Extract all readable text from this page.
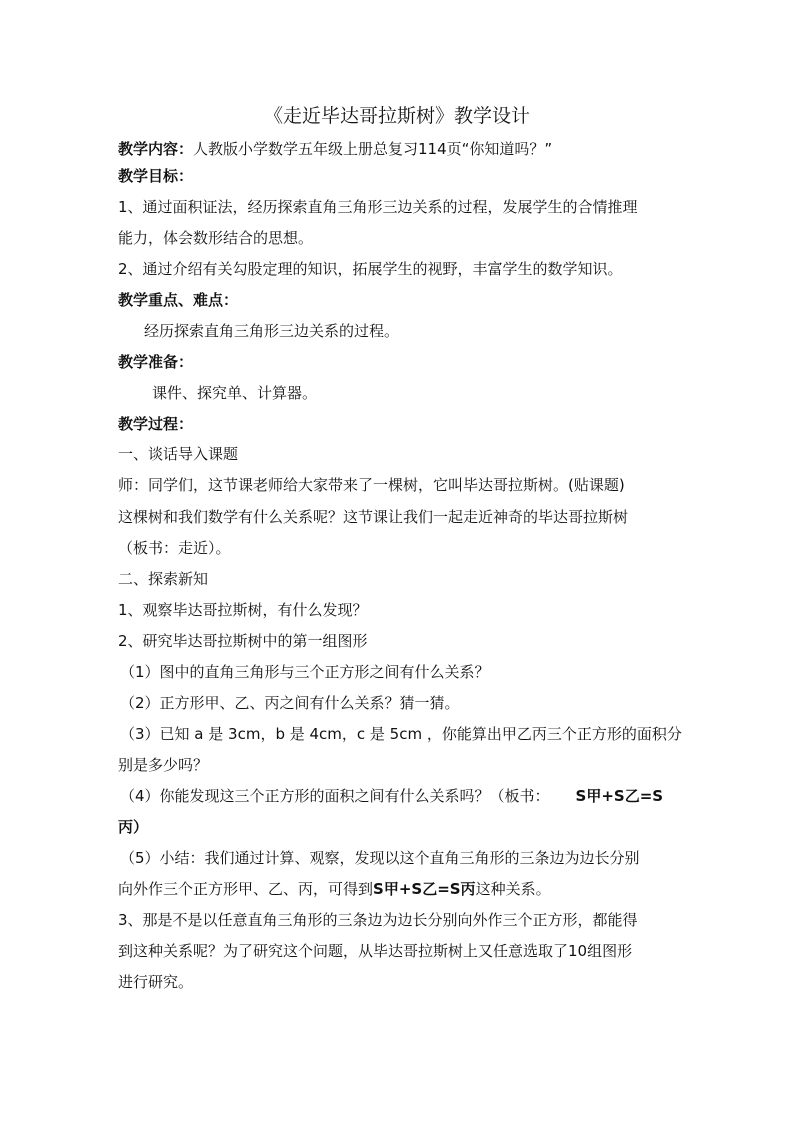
《走近毕达哥拉斯树》教学设计
教学内容：人教版小学数学五年级上册总复习114页“你知道吗？”
教学目标：
1、通过面积证法，经历探索直角三角形三边关系的过程，发展学生的合情推理
能力，体会数形结合的思想。
2、通过介绍有关勾股定理的知识，拓展学生的视野，丰富学生的数学知识。
教学重点、难点：
经历探索直角三角形三边关系的过程。
教学准备：
课件、探究单、计算器。
教学过程：
一、谈话导入课题
师：同学们，这节课老师给大家带来了一棵树，它叫毕达哥拉斯树。(贴课题)
这棵树和我们数学有什么关系呢？这节课让我们一起走近神奇的毕达哥拉斯树
（板书：走近）。
二、探索新知
1、观察毕达哥拉斯树，有什么发现？
2、研究毕达哥拉斯树中的第一组图形
（1）图中的直角三角形与三个正方形之间有什么关系？
（2）正方形甲、乙、丙之间有什么关系？猜一猜。
（3）已知 a 是 3cm，b 是 4cm，c 是 5cm ，你能算出甲乙丙三个正方形的面积分
别是多少吗？
（4）你能发现这三个正方形的面积之间有什么关系吗？（板书： S甲+S乙=S
丙）
（5）小结：我们通过计算、观察，发现以这个直角三角形的三条边为边长分别
向外作三个正方形甲、乙、丙，可得到S甲+S乙=S丙这种关系。
3、那是不是以任意直角三角形的三条边为边长分别向外作三个正方形，都能得
到这种关系呢？为了研究这个问题，从毕达哥拉斯树上又任意选取了10组图形
进行研究。
